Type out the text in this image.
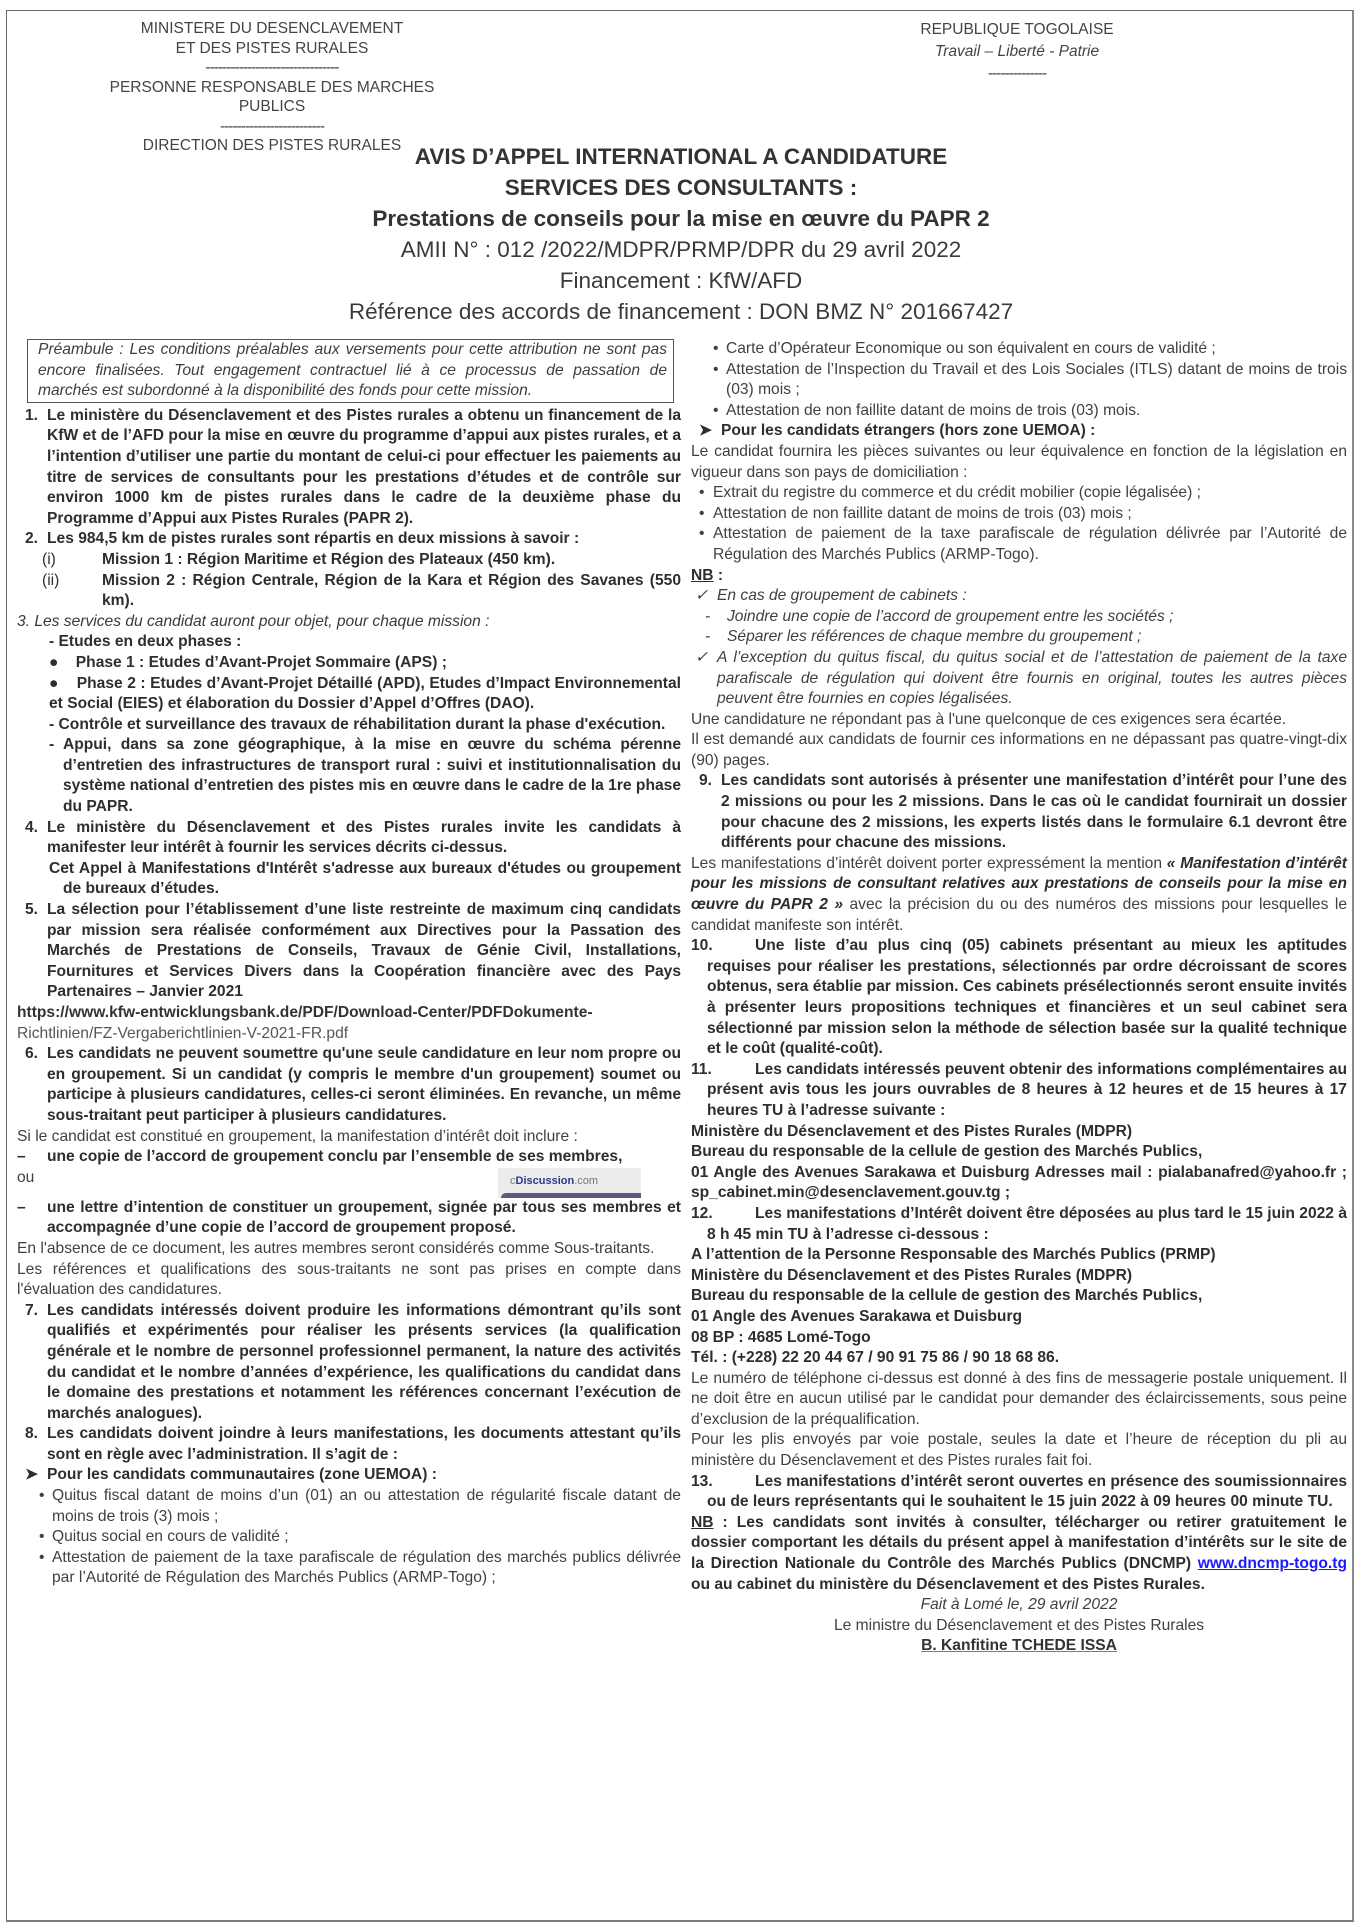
MINISTERE DU DESENCLAVEMENT
ET DES PISTES RURALES
--------------------------------
PERSONNE RESPONSABLE DES MARCHES PUBLICS
-------------------------
DIRECTION DES PISTES RURALES
REPUBLIQUE TOGOLAISE
Travail – Liberté - Patrie
--------------
AVIS D’APPEL INTERNATIONAL A CANDIDATURE
SERVICES DES CONSULTANTS :
Prestations de conseils pour la mise en œuvre du PAPR 2
AMII N° : 012 /2022/MDPR/PRMP/DPR du 29 avril 2022
Financement : KfW/AFD
Référence des accords de financement : DON BMZ N° 201667427
Préambule : Les conditions préalables aux versements pour cette attribution ne sont pas encore finalisées. Tout engagement contractuel lié à ce processus de passation de marchés est subordonné à la disponibilité des fonds pour cette mission.
1. Le ministère du Désenclavement et des Pistes rurales a obtenu un financement de la KfW et de l’AFD pour la mise en œuvre du programme d’appui aux pistes rurales, et a l’intention d’utiliser une partie du montant de celui-ci pour effectuer les paiements au titre de services de consultants pour les prestations d’études et de contrôle sur environ 1000 km de pistes rurales dans le cadre de la deuxième phase du Programme d’Appui aux Pistes Rurales (PAPR 2).
2. Les 984,5 km de pistes rurales sont répartis en deux missions à savoir :
(i)	Mission 1 : Région Maritime et Région des Plateaux (450 km).
(ii)	Mission 2 : Région Centrale, Région de la Kara et Région des Savanes (550 km).
3. Les services du candidat auront pour objet, pour chaque mission :
- Etudes en deux phases :
● Phase 1 : Etudes d’Avant-Projet Sommaire (APS) ;
● Phase 2 : Etudes d’Avant-Projet Détaillé (APD), Etudes d’Impact Environnemental et Social (EIES) et élaboration du Dossier d’Appel d’Offres (DAO).
- Contrôle et surveillance des travaux de réhabilitation durant la phase d'exécution.
- Appui, dans sa zone géographique, à la mise en œuvre du schéma pérenne d’entretien des infrastructures de transport rural : suivi et institutionnalisation du système national d’entretien des pistes mis en œuvre dans le cadre de la 1re phase du PAPR.
4. Le ministère du Désenclavement et des Pistes rurales invite les candidats à manifester leur intérêt à fournir les services décrits ci-dessus.
Cet Appel à Manifestations d'Intérêt s'adresse aux bureaux d'études ou groupement de bureaux d’études.
5. La sélection pour l’établissement d’une liste restreinte de maximum cinq candidats par mission sera réalisée conformément aux Directives pour la Passation des Marchés de Prestations de Conseils, Travaux de Génie Civil, Installations, Fournitures et Services Divers dans la Coopération financière avec des Pays Partenaires – Janvier 2021
https://www.kfw-entwicklungsbank.de/PDF/Download-Center/PDFDokumente-
Richtlinien/FZ-Vergaberichtlinien-V-2021-FR.pdf
6. Les candidats ne peuvent soumettre qu'une seule candidature en leur nom propre ou en groupement. Si un candidat (y compris le membre d'un groupement) soumet ou participe à plusieurs candidatures, celles-ci seront éliminées. En revanche, un même sous-traitant peut participer à plusieurs candidatures.
Si le candidat est constitué en groupement, la manifestation d’intérêt doit inclure :
– une copie de l’accord de groupement conclu par l’ensemble de ses membres,
ou	cDiscussion.com
– une lettre d’intention de constituer un groupement, signée par tous ses membres et accompagnée d’une copie de l’accord de groupement proposé.
En l'absence de ce document, les autres membres seront considérés comme Sous-traitants.
Les références et qualifications des sous-traitants ne sont pas prises en compte dans l'évaluation des candidatures.
7. Les candidats intéressés doivent produire les informations démontrant qu’ils sont qualifiés et expérimentés pour réaliser les présents services (la qualification générale et le nombre de personnel professionnel permanent, la nature des activités du candidat et le nombre d’années d’expérience, les qualifications du candidat dans le domaine des prestations et notamment les références concernant l’exécution de marchés analogues).
8. Les candidats doivent joindre à leurs manifestations, les documents attestant qu’ils sont en règle avec l’administration. Il s’agit de :
➤ Pour les candidats communautaires (zone UEMOA) :
• Quitus fiscal datant de moins d’un (01) an ou attestation de régularité fiscale datant de moins de trois (3) mois ;
• Quitus social en cours de validité ;
• Attestation de paiement de la taxe parafiscale de régulation des marchés publics délivrée par l’Autorité de Régulation des Marchés Publics (ARMP-Togo) ;
• Carte d’Opérateur Economique ou son équivalent en cours de validité ;
• Attestation de l’Inspection du Travail et des Lois Sociales (ITLS) datant de moins de trois (03) mois ;
• Attestation de non faillite datant de moins de trois (03) mois.
➤ Pour les candidats étrangers (hors zone UEMOA) :
Le candidat fournira les pièces suivantes ou leur équivalence en fonction de la législation en vigueur dans son pays de domiciliation :
• Extrait du registre du commerce et du crédit mobilier (copie légalisée) ;
• Attestation de non faillite datant de moins de trois (03) mois ;
• Attestation de paiement de la taxe parafiscale de régulation délivrée par l’Autorité de Régulation des Marchés Publics (ARMP-Togo).
NB :
✓ En cas de groupement de cabinets :
- Joindre une copie de l’accord de groupement entre les sociétés ;
- Séparer les références de chaque membre du groupement ;
✓ A l’exception du quitus fiscal, du quitus social et de l’attestation de paiement de la taxe parafiscale de régulation qui doivent être fournis en original, toutes les autres pièces peuvent être fournies en copies légalisées.
Une candidature ne répondant pas à l'une quelconque de ces exigences sera écartée.
Il est demandé aux candidats de fournir ces informations en ne dépassant pas quatre-vingt-dix (90) pages.
9. Les candidats sont autorisés à présenter une manifestation d’intérêt pour l’une des 2 missions ou pour les 2 missions. Dans le cas où le candidat fournirait un dossier pour chacune des 2 missions, les experts listés dans le formulaire 6.1 devront être différents pour chacune des missions.
Les manifestations d’intérêt doivent porter expressément la mention « Manifestation d’intérêt pour les missions de consultant relatives aux prestations de conseils pour la mise en œuvre du PAPR 2 » avec la précision du ou des numéros des missions pour lesquelles le candidat manifeste son intérêt.
10.	Une liste d’au plus cinq (05) cabinets présentant au mieux les aptitudes requises pour réaliser les prestations, sélectionnés par ordre décroissant de scores obtenus, sera établie par mission. Ces cabinets présélectionnés seront ensuite invités à présenter leurs propositions techniques et financières et un seul cabinet sera sélectionné par mission selon la méthode de sélection basée sur la qualité technique et le coût (qualité-coût).
11.	Les candidats intéressés peuvent obtenir des informations complémentaires au présent avis tous les jours ouvrables de 8 heures à 12 heures et de 15 heures à 17 heures TU à l’adresse suivante :
Ministère du Désenclavement et des Pistes Rurales (MDPR)
Bureau du responsable de la cellule de gestion des Marchés Publics,
01 Angle des Avenues Sarakawa et Duisburg Adresses mail : pialabanafred@yahoo.fr ; sp_cabinet.min@desenclavement.gouv.tg ;
12.	Les manifestations d’Intérêt doivent être déposées au plus tard le 15 juin 2022 à 8 h 45 min TU à l’adresse ci-dessous :
A l’attention de la Personne Responsable des Marchés Publics (PRMP)
Ministère du Désenclavement et des Pistes Rurales (MDPR)
Bureau du responsable de la cellule de gestion des Marchés Publics,
01 Angle des Avenues Sarakawa et Duisburg
08 BP : 4685 Lomé-Togo
Tél. : (+228) 22 20 44 67 / 90 91 75 86 / 90 18 68 86.
Le numéro de téléphone ci-dessus est donné à des fins de messagerie postale uniquement. Il ne doit être en aucun utilisé par le candidat pour demander des éclaircissements, sous peine d’exclusion de la préqualification.
Pour les plis envoyés par voie postale, seules la date et l’heure de réception du pli au ministère du Désenclavement et des Pistes rurales fait foi.
13.	Les manifestations d’intérêt seront ouvertes en présence des soumissionnaires ou de leurs représentants qui le souhaitent le 15 juin 2022 à 09 heures 00 minute TU.
NB : Les candidats sont invités à consulter, télécharger ou retirer gratuitement le dossier comportant les détails du présent appel à manifestation d’intérêts sur le site de la Direction Nationale du Contrôle des Marchés Publics (DNCMP) www.dncmp-togo.tg ou au cabinet du ministère du Désenclavement et des Pistes Rurales.
Fait à Lomé le, 29 avril 2022
Le ministre du Désenclavement et des Pistes Rurales
B. Kanfitine TCHEDE ISSA
